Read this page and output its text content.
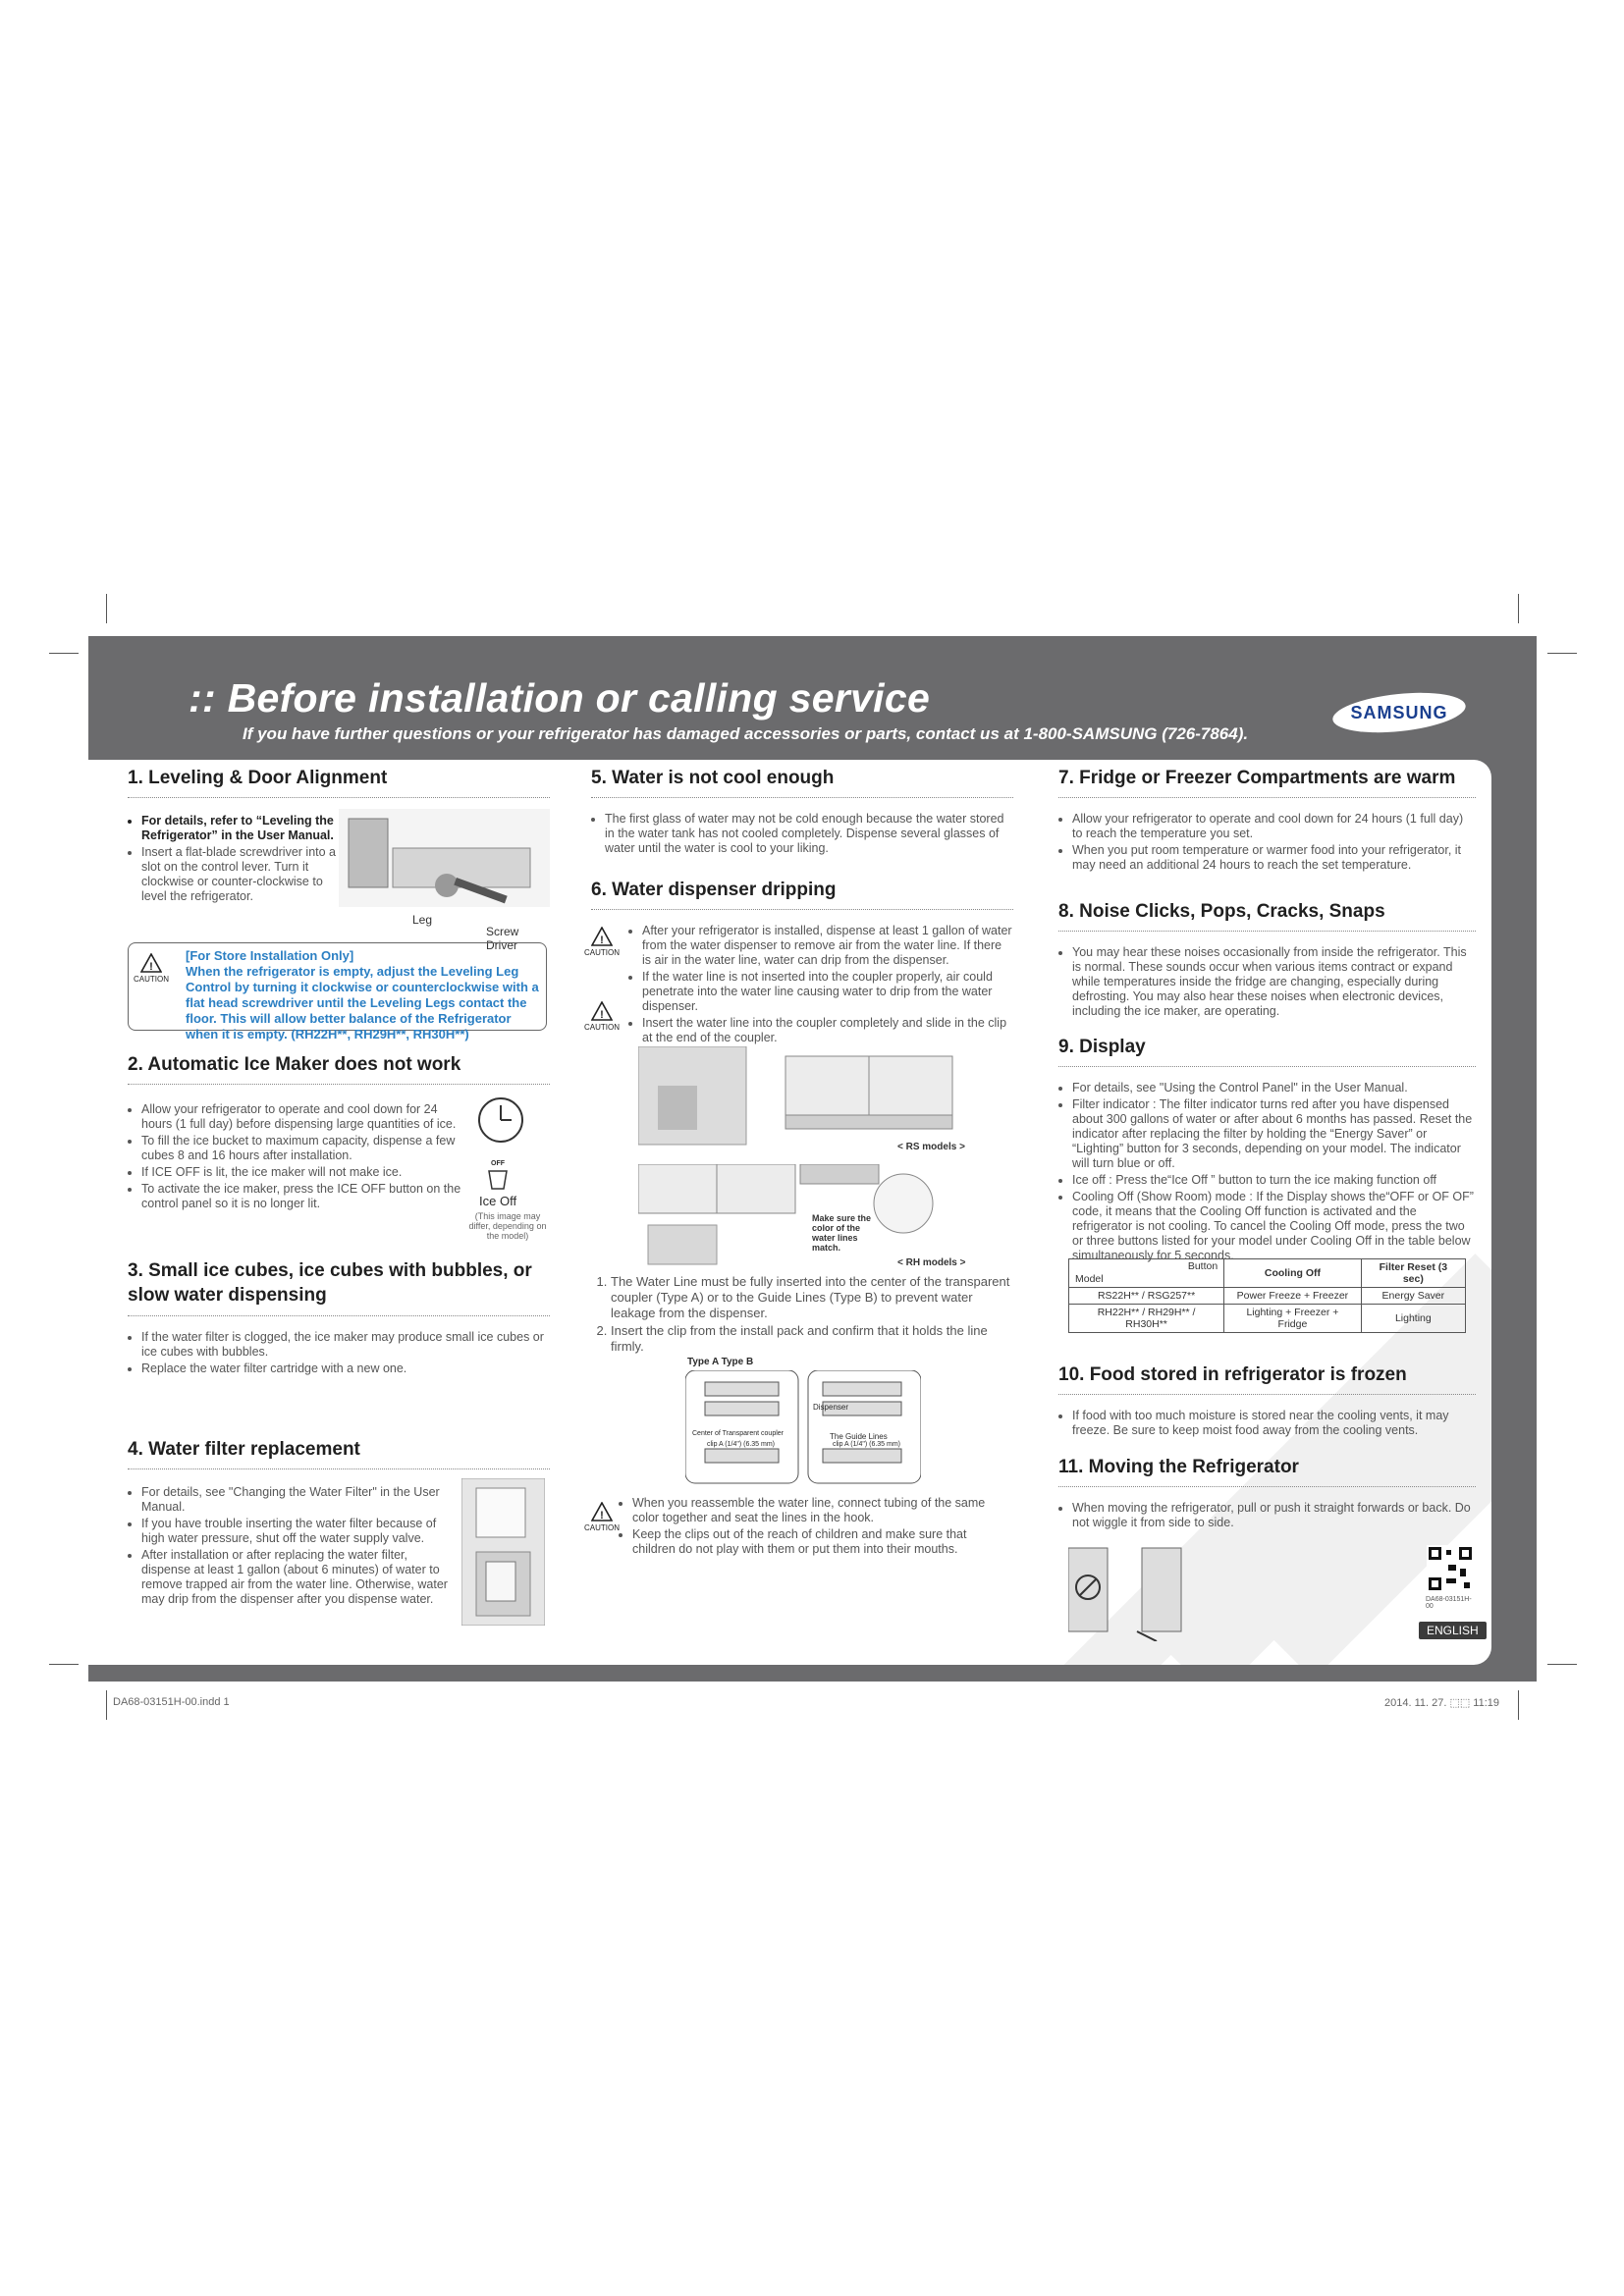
:: Before installation or calling service
If you have further questions or your refrigerator has damaged accessories or parts, contact us at 1-800-SAMSUNG (726-7864).
SAMSUNG
1. Leveling & Door Alignment
• For details, refer to “Leveling the Refrigerator” in the User Manual.
• Insert a flat-blade screwdriver into a slot on the control lever. Turn it clockwise or counter-clockwise to level the refrigerator.
Leg
Screw Driver
!
CAUTION
[For Store Installation Only]
When the refrigerator is empty, adjust the Leveling Leg Control by turning it clockwise or counterclockwise with a flat head screwdriver until the Leveling Legs contact the floor. This will allow better balance of the Refrigerator when it is empty. (RH22H**, RH29H**, RH30H**)
2. Automatic Ice Maker does not work
• Allow your refrigerator to operate and cool down for 24 hours (1 full day) before dispensing large quantities of ice.
• To fill the ice bucket to maximum capacity, dispense a few cubes 8 and 16 hours after installation.
• If ICE OFF is lit, the ice maker will not make ice.
• To activate the ice maker, press the ICE OFF button on the control panel so it is no longer lit.
OFF
Ice Off
(This image may differ, depending on the model)
3. Small ice cubes, ice cubes with bubbles, or slow water dispensing
• If the water filter is clogged, the ice maker may produce small ice cubes or ice cubes with bubbles.
• Replace the water filter cartridge with a new one.
4. Water filter replacement
• For details, see "Changing the Water Filter" in the User Manual.
• If you have trouble inserting the water filter because of high water pressure, shut off the water supply valve.
• After installation or after replacing the water filter, dispense at least 1 gallon (about 6 minutes) of water to remove trapped air from the water line. Otherwise, water may drip from the dispenser after you dispense water.
5. Water is not cool enough
• The first glass of water may not be cold enough because the water stored in the water tank has not cooled completely. Dispense several glasses of water until the water is cool to your liking.
6. Water dispenser dripping
!
CAUTION
• After your refrigerator is installed, dispense at least 1 gallon of water from the water dispenser to remove air from the water line. If there is air in the water line, water can drip from the dispenser.
• If the water line is not inserted into the coupler properly, air could penetrate into the water line causing water to drip from the water dispenser.
!
CAUTION • Insert the water line into the coupler completely and slide in the clip at the end of the coupler.
< RS models >
Make sure the color of the water lines match.
< RH models >
1. The Water Line must be fully inserted into the center of the transparent coupler (Type A) or to the Guide Lines (Type B) to prevent water leakage from the dispenser.
2. Insert the clip from the install pack and confirm that it holds the line firmly.
Type A Type B
Dispenser
Center of Transparent coupler	The Guide Lines
clip A (1/4") (6.35 mm)	clip A (1/4") (6.35 mm)
!
CAUTION
• When you reassemble the water line, connect tubing of the same color together and seat the lines in the hook.
• Keep the clips out of the reach of children and make sure that children do not play with them or put them into their mouths.
7. Fridge or Freezer Compartments are warm
• Allow your refrigerator to operate and cool down for 24 hours (1 full day) to reach the temperature you set.
• When you put room temperature or warmer food into your refrigerator, it may need an additional 24 hours to reach the set temperature.
8. Noise Clicks, Pops, Cracks, Snaps
• You may hear these noises occasionally from inside the refrigerator. This is normal. These sounds occur when various items contract or expand while temperatures inside the fridge are changing, especially during defrosting. You may also hear these noises when electronic devices, including the ice maker, are operating.
9. Display
• For details, see "Using the Control Panel" in the User Manual.
• Filter indicator : The filter indicator turns red after you have dispensed about 300 gallons of water or after about 6 months has passed. Reset the indicator after replacing the filter by holding the “Energy Saver” or “Lighting” button for 3 seconds, depending on your model. The indicator will turn blue or off.
• Ice off : Press the“Ice Off ” button to turn the ice making function off
• Cooling Off (Show Room) mode : If the Display shows the“OFF or OF OF” code, it means that the Cooling Off function is activated and the refrigerator is not cooling. To cancel the Cooling Off mode, press the two or three buttons listed for your model under Cooling Off in the table below simultaneously for 5 seconds.
Model
Button	Cooling Off	Filter Reset (3 sec)
RS22H** / RSG257**	Power Freeze + Freezer	Energy Saver
RH22H** / RH29H** / RH30H**	Lighting + Freezer + Fridge	Lighting
10. Food stored in refrigerator is frozen
• If food with too much moisture is stored near the cooling vents, it may freeze. Be sure to keep moist food away from the cooling vents.
11. Moving the Refrigerator
• When moving the refrigerator, pull or push it straight forwards or back. Do not wiggle it from side to side.
DA68-03151H-00
ENGLISH
DA68-03151H-00.indd 1	2014. 11. 27. ⬚⬚ 11:19
